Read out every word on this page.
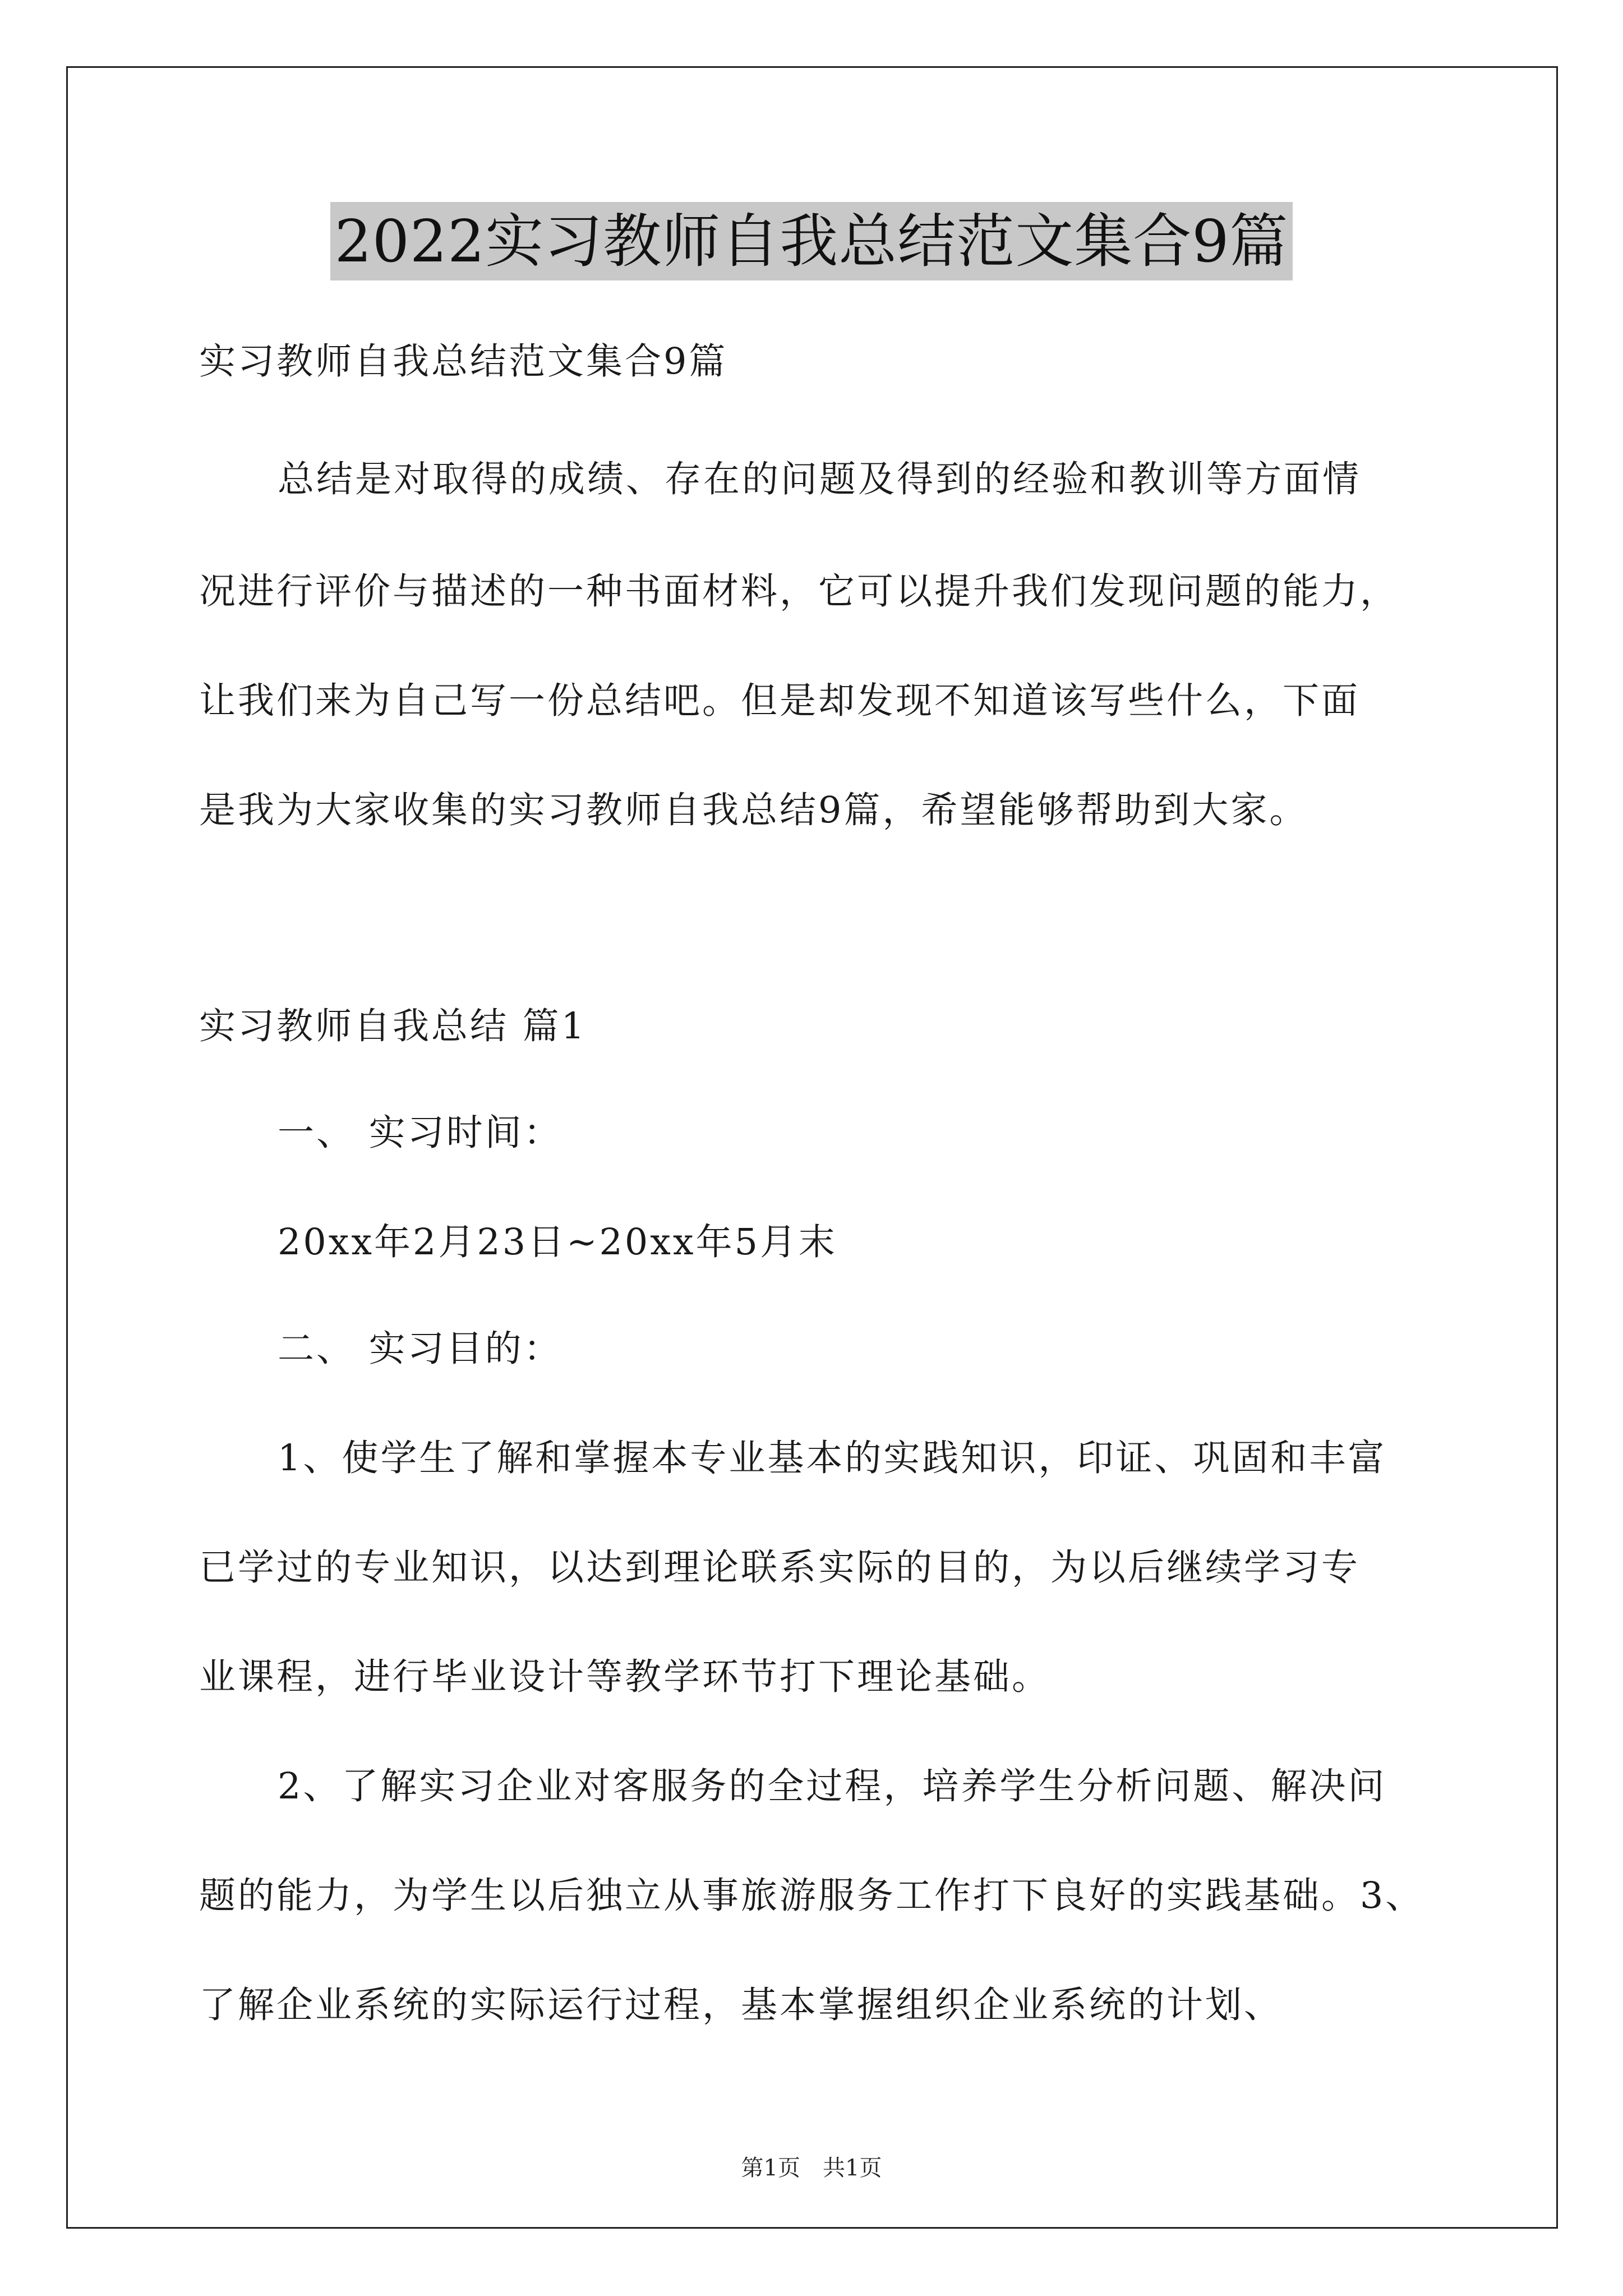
2022实习教师自我总结范文集合9篇

实习教师自我总结范文集合9篇

总结是对取得的成绩、存在的问题及得到的经验和教训等方面情

况进行评价与描述的一种书面材料，它可以提升我们发现问题的能力，

让我们来为自己写一份总结吧。但是却发现不知道该写些什么，下面

是我为大家收集的实习教师自我总结9篇，希望能够帮助到大家。

实习教师自我总结 篇1

一、 实习时间：

20xx年2月23日~20xx年5月末

二、 实习目的：

1、使学生了解和掌握本专业基本的实践知识，印证、巩固和丰富

已学过的专业知识，以达到理论联系实际的目的，为以后继续学习专

业课程，进行毕业设计等教学环节打下理论基础。

2、了解实习企业对客服务的全过程，培养学生分析问题、解决问

题的能力，为学生以后独立从事旅游服务工作打下良好的实践基础。3、

了解企业系统的实际运行过程，基本掌握组织企业系统的计划、

第1页 共1页
